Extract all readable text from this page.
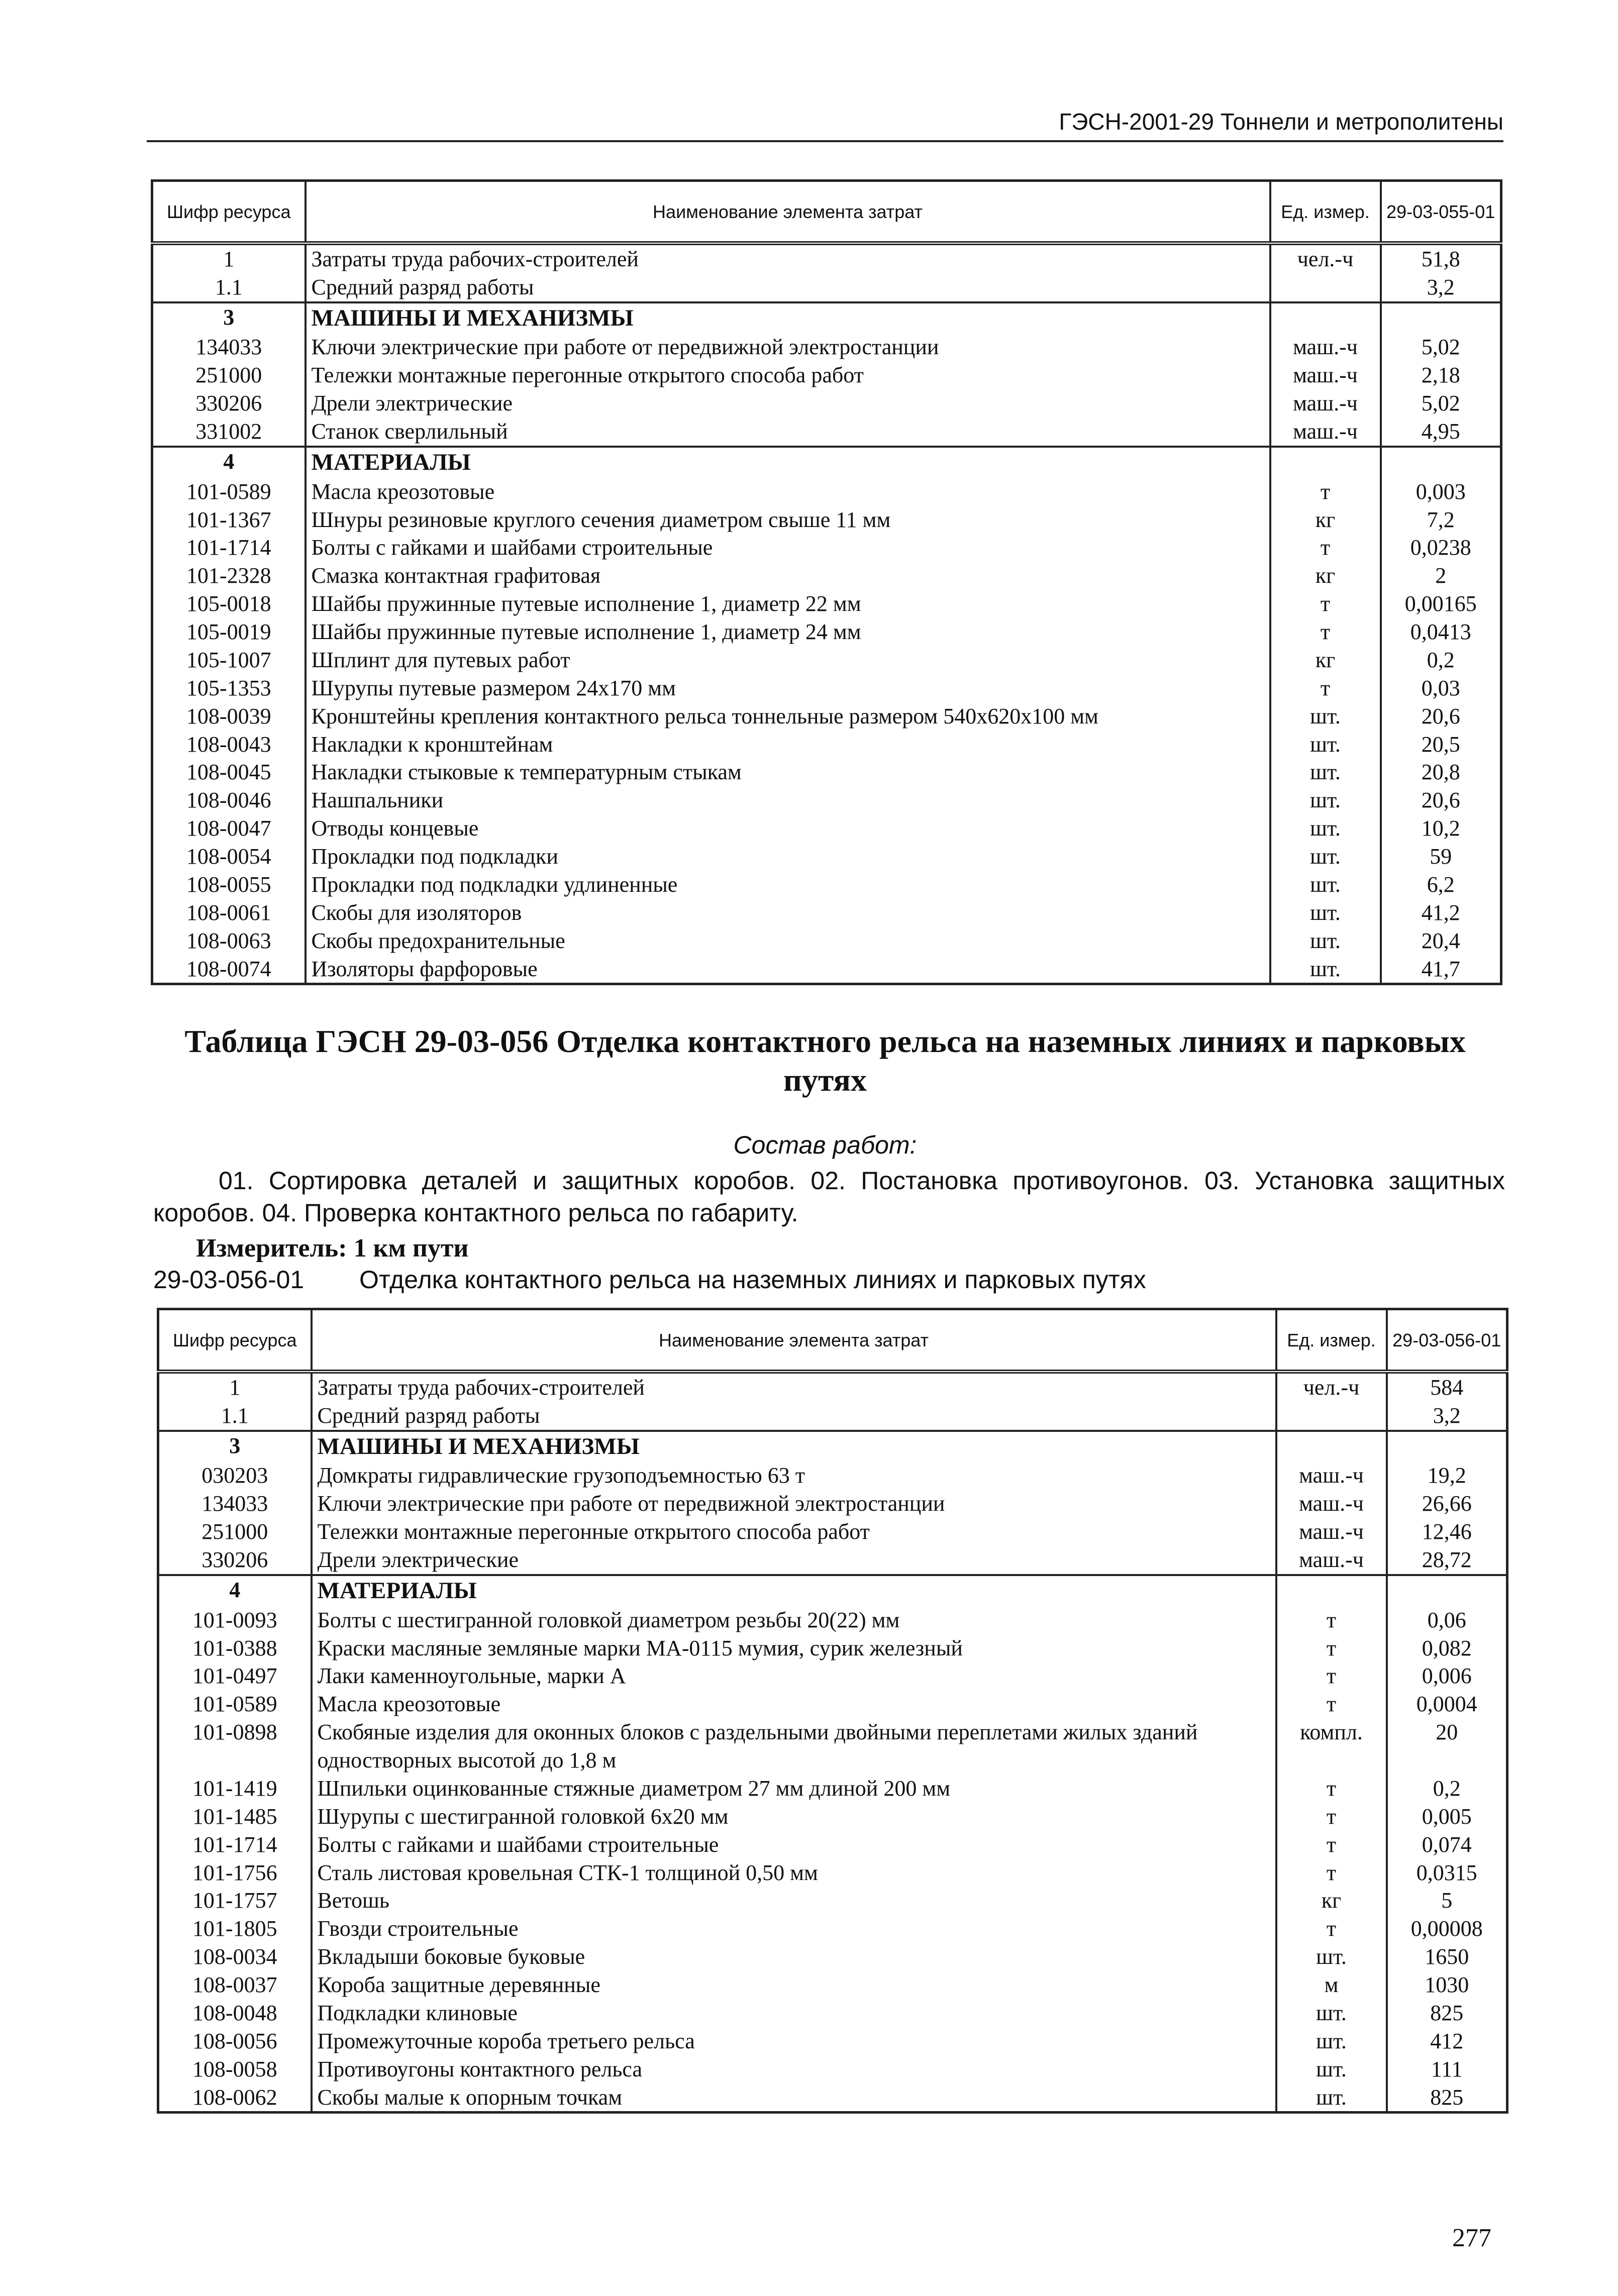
ГЭСН-2001-29 Тоннели и метрополитены
Шифр ресурса	Наименование элемента затрат	Ед. измер.	29-03-055-01
1	Затраты труда рабочих-строителей	чел.-ч	51,8
1.1	Средний разряд работы		3,2
3	МАШИНЫ И МЕХАНИЗМЫ		
134033	Ключи электрические при работе от передвижной электростанции	маш.-ч	5,02
251000	Тележки монтажные перегонные открытого способа работ	маш.-ч	2,18
330206	Дрели электрические	маш.-ч	5,02
331002	Станок сверлильный	маш.-ч	4,95
4	МАТЕРИАЛЫ		
101-0589	Масла креозотовые	т	0,003
101-1367	Шнуры резиновые круглого сечения диаметром свыше 11 мм	кг	7,2
101-1714	Болты с гайками и шайбами строительные	т	0,0238
101-2328	Смазка контактная графитовая	кг	2
105-0018	Шайбы пружинные путевые исполнение 1, диаметр 22 мм	т	0,00165
105-0019	Шайбы пружинные путевые исполнение 1, диаметр 24 мм	т	0,0413
105-1007	Шплинт для путевых работ	кг	0,2
105-1353	Шурупы путевые размером 24х170 мм	т	0,03
108-0039	Кронштейны крепления контактного рельса тоннельные размером 540х620х100 мм	шт.	20,6
108-0043	Накладки к кронштейнам	шт.	20,5
108-0045	Накладки стыковые к температурным стыкам	шт.	20,8
108-0046	Нашпальники	шт.	20,6
108-0047	Отводы концевые	шт.	10,2
108-0054	Прокладки под подкладки	шт.	59
108-0055	Прокладки под подкладки удлиненные	шт.	6,2
108-0061	Скобы для изоляторов	шт.	41,2
108-0063	Скобы предохранительные	шт.	20,4
108-0074	Изоляторы фарфоровые	шт.	41,7
Таблица ГЭСН 29-03-056 Отделка контактного рельса на наземных линиях и парковых путях
Состав работ:
01. Сортировка деталей и защитных коробов. 02. Постановка противоугонов. 03. Установка защитных коробов. 04. Проверка контактного рельса по габариту.
Измеритель: 1 км пути
29-03-056-01 Отделка контактного рельса на наземных линиях и парковых путях
Шифр ресурса	Наименование элемента затрат	Ед. измер.	29-03-056-01
1	Затраты труда рабочих-строителей	чел.-ч	584
1.1	Средний разряд работы		3,2
3	МАШИНЫ И МЕХАНИЗМЫ		
030203	Домкраты гидравлические грузоподъемностью 63 т	маш.-ч	19,2
134033	Ключи электрические при работе от передвижной электростанции	маш.-ч	26,66
251000	Тележки монтажные перегонные открытого способа работ	маш.-ч	12,46
330206	Дрели электрические	маш.-ч	28,72
4	МАТЕРИАЛЫ		
101-0093	Болты с шестигранной головкой диаметром резьбы 20(22) мм	т	0,06
101-0388	Краски масляные земляные марки МА-0115 мумия, сурик железный	т	0,082
101-0497	Лаки каменноугольные, марки А	т	0,006
101-0589	Масла креозотовые	т	0,0004
101-0898	Скобяные изделия для оконных блоков с раздельными двойными переплетами жилых зданий одностворных высотой до 1,8 м	компл.	20
101-1419	Шпильки оцинкованные стяжные диаметром 27 мм длиной 200 мм	т	0,2
101-1485	Шурупы с шестигранной головкой 6х20 мм	т	0,005
101-1714	Болты с гайками и шайбами строительные	т	0,074
101-1756	Сталь листовая кровельная СТК-1 толщиной 0,50 мм	т	0,0315
101-1757	Ветошь	кг	5
101-1805	Гвозди строительные	т	0,00008
108-0034	Вкладыши боковые буковые	шт.	1650
108-0037	Короба защитные деревянные	м	1030
108-0048	Подкладки клиновые	шт.	825
108-0056	Промежуточные короба третьего рельса	шт.	412
108-0058	Противоугоны контактного рельса	шт.	111
108-0062	Скобы малые к опорным точкам	шт.	825
277
